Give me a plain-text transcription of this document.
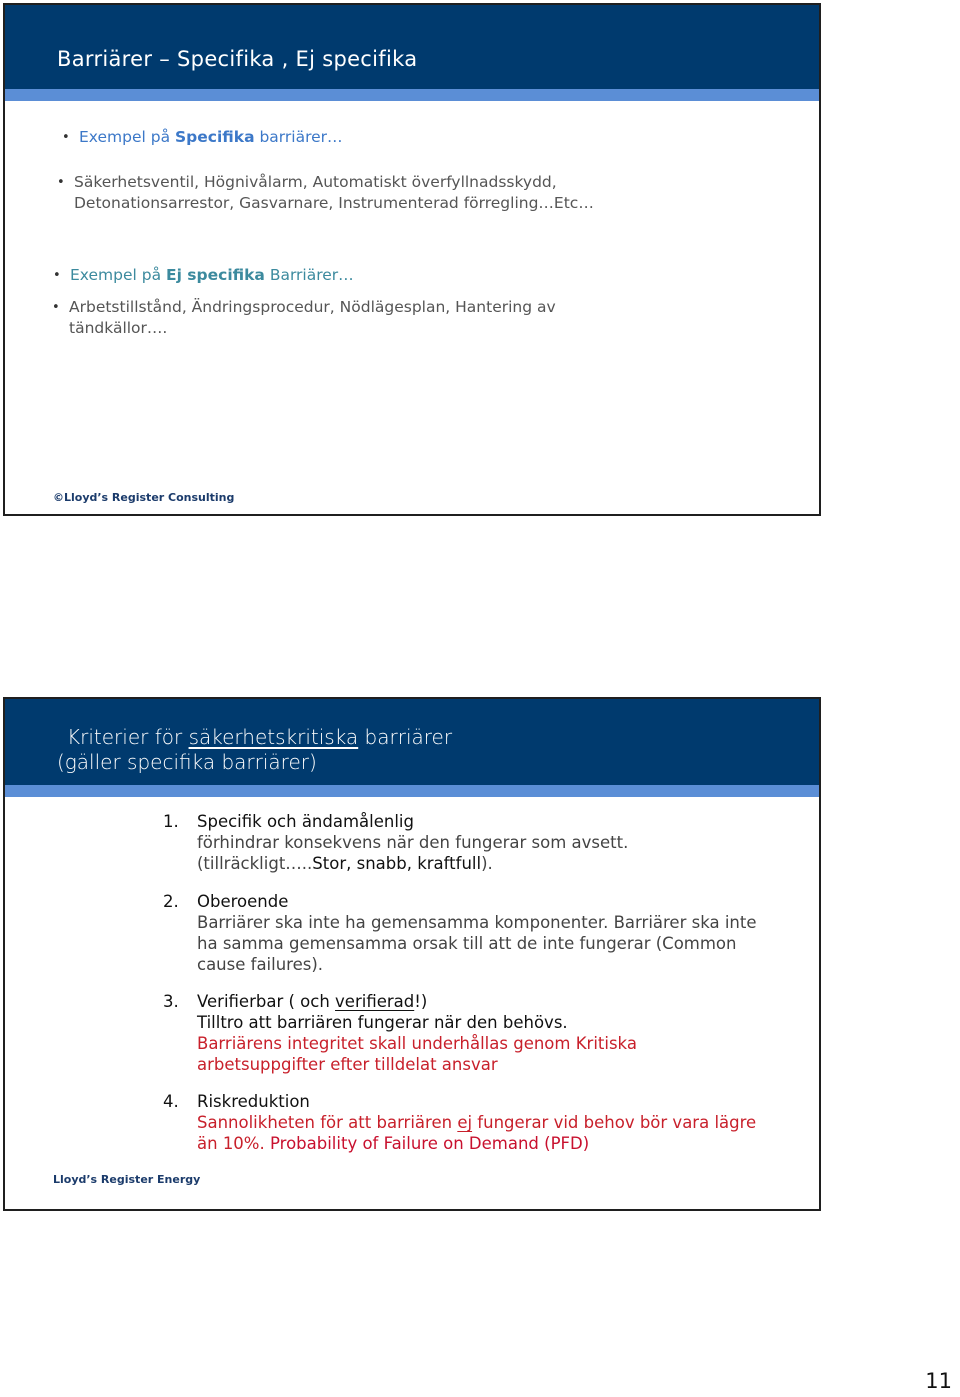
Barriärer – Specifika , Ej specifika
• Exempel på Specifika barriärer…
• Säkerhetsventil, Högnivålarm, Automatiskt överfyllnadsskydd,
Detonationsarrestor, Gasvarnare, Instrumenterad förregling…Etc…
• Exempel på Ej specifika Barriärer…
• Arbetstillstånd, Ändringsprocedur, Nödlägesplan, Hantering av
tändkällor….
©Lloyd’s Register Consulting
Kriterier för säkerhetskritiska barriärer
(gäller specifika barriärer)
1. Specifik och ändamålenlig
förhindrar konsekvens när den fungerar som avsett.
(tillräckligt…..Stor, snabb, kraftfull).
2. Oberoende
Barriärer ska inte ha gemensamma komponenter. Barriärer ska inte
ha samma gemensamma orsak till att de inte fungerar (Common
cause failures).
3. Verifierbar ( och verifierad!)
Tilltro att barriären fungerar när den behövs.
Barriärens integritet skall underhållas genom Kritiska
arbetsuppgifter efter tilldelat ansvar
4. Riskreduktion
Sannolikheten för att barriären ej fungerar vid behov bör vara lägre
än 10%. Probability of Failure on Demand (PFD)
Lloyd’s Register Energy
11
